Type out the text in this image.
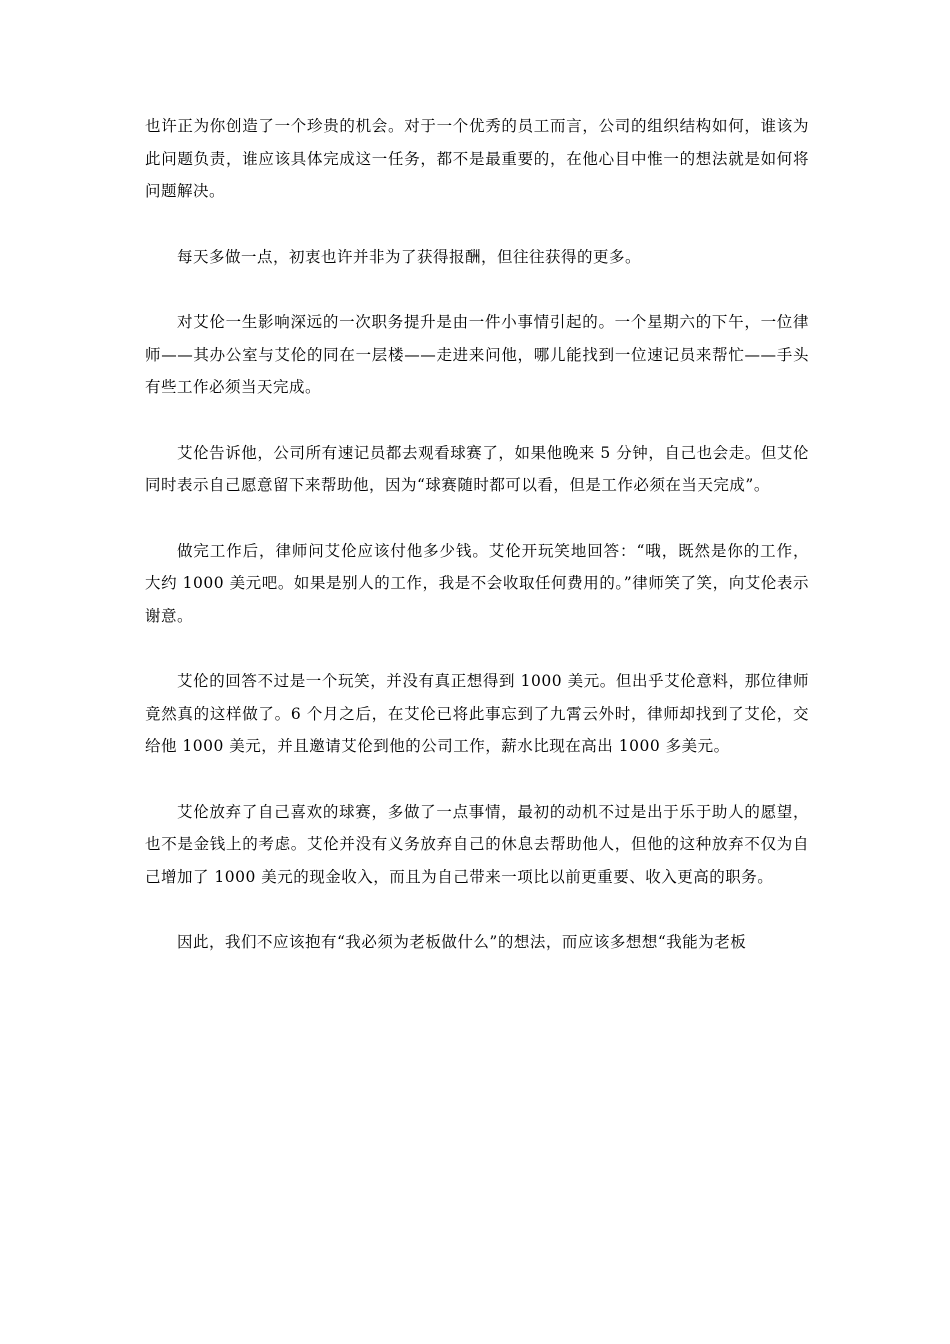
也许正为你创造了一个珍贵的机会。对于一个优秀的员工而言，公司的组织结构如何，谁该为此问题负责，谁应该具体完成这一任务，都不是最重要的，在他心目中惟一的想法就是如何将问题解决。

每天多做一点，初衷也许并非为了获得报酬，但往往获得的更多。

对艾伦一生影响深远的一次职务提升是由一件小事情引起的。一个星期六的下午，一位律师——其办公室与艾伦的同在一层楼——走进来问他，哪儿能找到一位速记员来帮忙——手头有些工作必须当天完成。

艾伦告诉他，公司所有速记员都去观看球赛了，如果他晚来 5 分钟，自己也会走。但艾伦同时表示自己愿意留下来帮助他，因为“球赛随时都可以看，但是工作必须在当天完成”。

做完工作后，律师问艾伦应该付他多少钱。艾伦开玩笑地回答：“哦，既然是你的工作，大约 1000 美元吧。如果是别人的工作，我是不会收取任何费用的。”律师笑了笑，向艾伦表示谢意。

艾伦的回答不过是一个玩笑，并没有真正想得到 1000 美元。但出乎艾伦意料，那位律师竟然真的这样做了。6 个月之后，在艾伦已将此事忘到了九霄云外时，律师却找到了艾伦，交给他 1000 美元，并且邀请艾伦到他的公司工作，薪水比现在高出 1000 多美元。

艾伦放弃了自己喜欢的球赛，多做了一点事情，最初的动机不过是出于乐于助人的愿望，也不是金钱上的考虑。艾伦并没有义务放弃自己的休息去帮助他人，但他的这种放弃不仅为自己增加了 1000 美元的现金收入，而且为自己带来一项比以前更重要、收入更高的职务。

因此，我们不应该抱有“我必须为老板做什么”的想法，而应该多想想“我能为老板
